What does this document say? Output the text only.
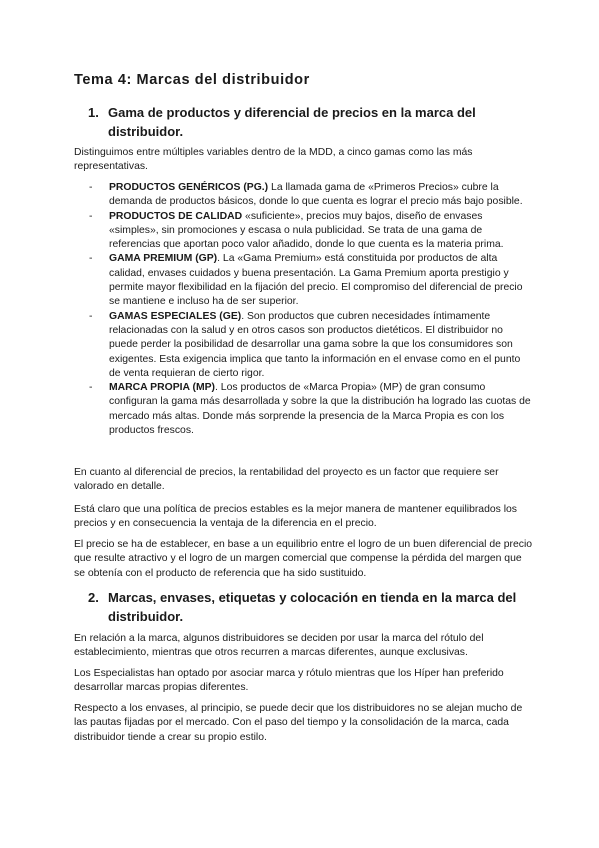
Tema 4: Marcas del distribuidor
1. Gama de productos y diferencial de precios en la marca del distribuidor.

Distinguimos entre múltiples variables dentro de la MDD, a cinco gamas como las más representativas.

-	PRODUCTOS GENÉRICOS (PG.) La llamada gama de «Primeros Precios» cubre la demanda de productos básicos, donde lo que cuenta es lograr el precio más bajo posible.
-	PRODUCTOS DE CALIDAD «suficiente», precios muy bajos, diseño de envases «simples», sin promociones y escasa o nula publicidad. Se trata de una gama de referencias que aportan poco valor añadido, donde lo que cuenta es la materia prima.
-	GAMA PREMIUM (GP). La «Gama Premium» está constituida por productos de alta calidad, envases cuidados y buena presentación. La Gama Premium aporta prestigio y permite mayor flexibilidad en la fijación del precio. El compromiso del diferencial de precio se mantiene e incluso ha de ser superior.
-	GAMAS ESPECIALES (GE). Son productos que cubren necesidades íntimamente relacionadas con la salud y en otros casos son productos dietéticos. El distribuidor no puede perder la posibilidad de desarrollar una gama sobre la que los consumidores son exigentes. Esta exigencia implica que tanto la información en el envase como en el punto de venta requieran de cierto rigor.
-	MARCA PROPIA (MP). Los productos de «Marca Propia» (MP) de gran consumo configuran la gama más desarrollada y sobre la que la distribución ha logrado las cuotas de mercado más altas. Donde más sorprende la presencia de la Marca Propia es con los productos frescos.

En cuanto al diferencial de precios, la rentabilidad del proyecto es un factor que requiere ser valorado en detalle.

Está claro que una política de precios estables es la mejor manera de mantener equilibrados los precios y en consecuencia la ventaja de la diferencia en el precio.

El precio se ha de establecer, en base a un equilibrio entre el logro de un buen diferencial de precio que resulte atractivo y el logro de un margen comercial que compense la pérdida del margen que se obtenía con el producto de referencia que ha sido sustituido.

2. Marcas, envases, etiquetas y colocación en tienda en la marca del distribuidor.

En relación a la marca, algunos distribuidores se deciden por usar la marca del rótulo del establecimiento, mientras que otros recurren a marcas diferentes, aunque exclusivas.

Los Especialistas han optado por asociar marca y rótulo mientras que los Híper han preferido desarrollar marcas propias diferentes.

Respecto a los envases, al principio, se puede decir que los distribuidores no se alejan mucho de las pautas fijadas por el mercado. Con el paso del tiempo y la consolidación de la marca, cada distribuidor tiende a crear su propio estilo.
